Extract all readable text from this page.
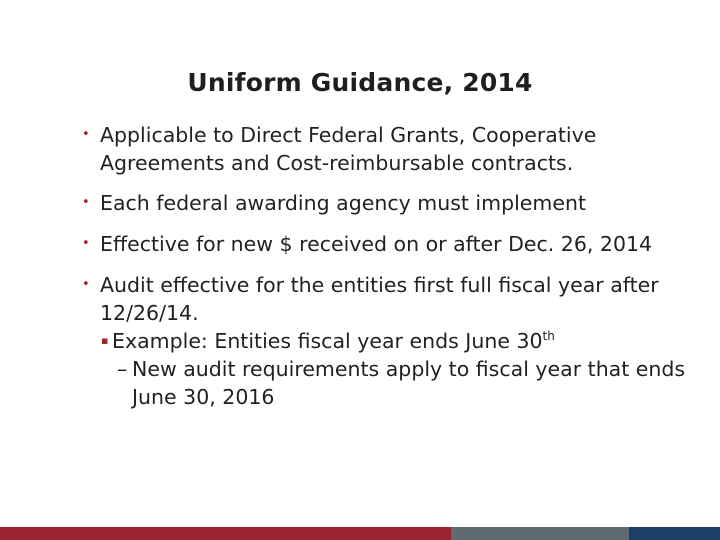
Uniform Guidance, 2014
• Applicable to Direct Federal Grants, Cooperative Agreements and Cost-reimbursable contracts.
• Each federal awarding agency must implement
• Effective for new $ received on or after Dec. 26, 2014
• Audit effective for the entities first full fiscal year after 12/26/14.
▪ Example: Entities fiscal year ends June 30th
– New audit requirements apply to fiscal year that ends June 30, 2016
